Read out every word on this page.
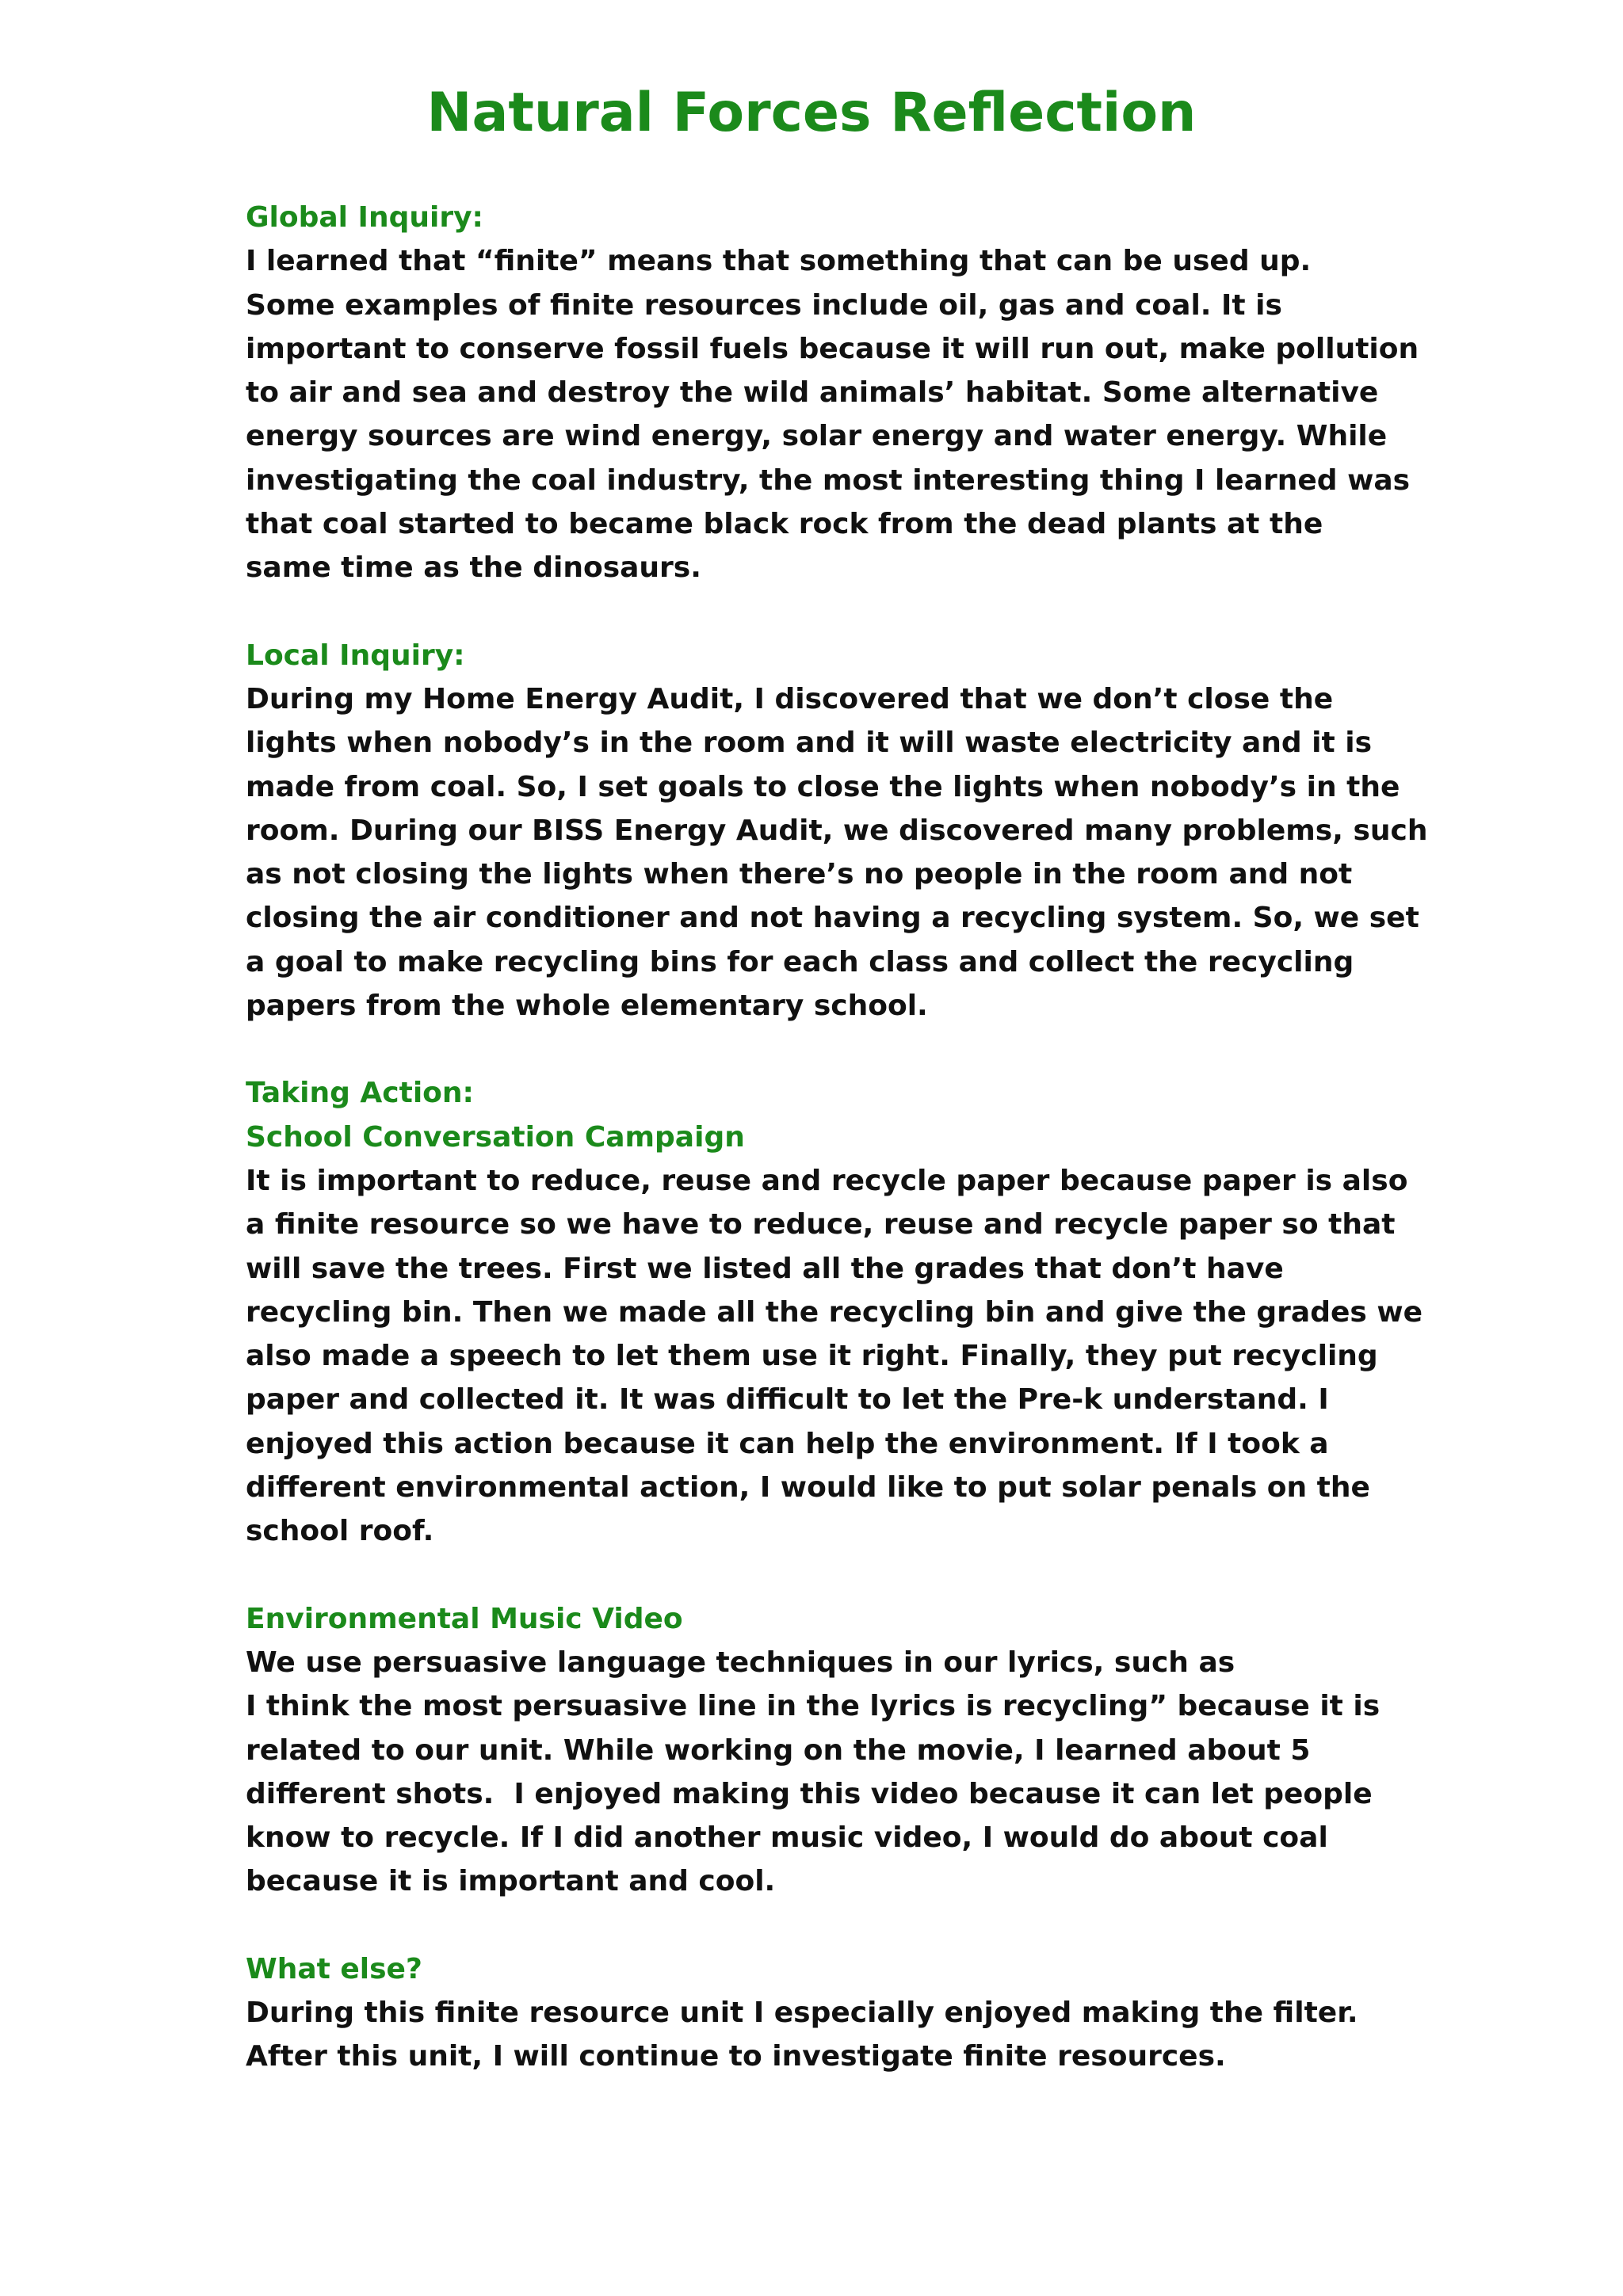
Natural Forces Reflection
Global Inquiry:
I learned that “finite” means that something that can be used up.
Some examples of finite resources include oil, gas and coal. It is
important to conserve fossil fuels because it will run out, make pollution
to air and sea and destroy the wild animals’ habitat. Some alternative
energy sources are wind energy, solar energy and water energy. While
investigating the coal industry, the most interesting thing I learned was
that coal started to became black rock from the dead plants at the
same time as the dinosaurs.
Local Inquiry:
During my Home Energy Audit, I discovered that we don’t close the
lights when nobody’s in the room and it will waste electricity and it is
made from coal. So, I set goals to close the lights when nobody’s in the
room. During our BISS Energy Audit, we discovered many problems, such
as not closing the lights when there’s no people in the room and not
closing the air conditioner and not having a recycling system. So, we set
a goal to make recycling bins for each class and collect the recycling
papers from the whole elementary school.
Taking Action:
School Conversation Campaign
It is important to reduce, reuse and recycle paper because paper is also
a finite resource so we have to reduce, reuse and recycle paper so that
will save the trees. First we listed all the grades that don’t have
recycling bin. Then we made all the recycling bin and give the grades we
also made a speech to let them use it right. Finally, they put recycling
paper and collected it. It was difficult to let the Pre-k understand. I
enjoyed this action because it can help the environment. If I took a
different environmental action, I would like to put solar penals on the
school roof.
Environmental Music Video
We use persuasive language techniques in our lyrics, such as
I think the most persuasive line in the lyrics is recycling” because it is
related to our unit. While working on the movie, I learned about 5
different shots.  I enjoyed making this video because it can let people
know to recycle. If I did another music video, I would do about coal
because it is important and cool.
What else?
During this finite resource unit I especially enjoyed making the filter.
After this unit, I will continue to investigate finite resources.
